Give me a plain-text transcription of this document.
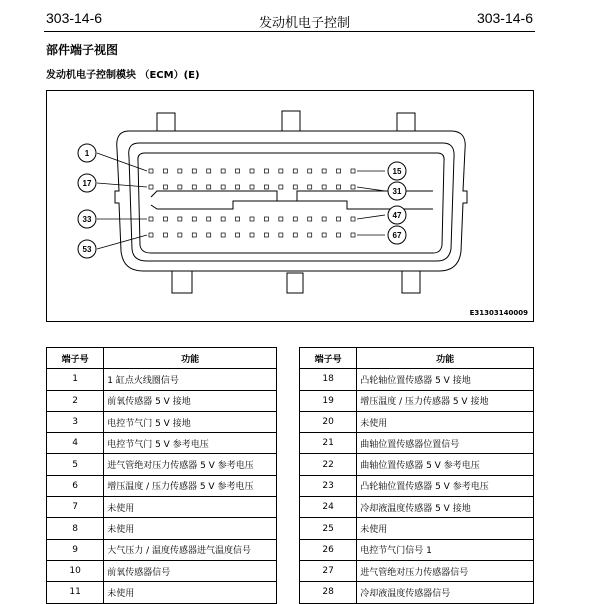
303-14-6	发动机电子控制	303-14-6
部件端子视图
发动机电子控制模块 （ECM）(E)
1
17
33
53
15
31
47
67
E31303140009
端子号	功能
1	1 缸点火线圈信号
2	前氧传感器 5 V 接地
3	电控节气门 5 V 接地
4	电控节气门 5 V 参考电压
5	进气管绝对压力传感器 5 V 参考电压
6	增压温度 / 压力传感器 5 V 参考电压
7	未使用
8	未使用
9	大气压力 / 温度传感器进气温度信号
10	前氧传感器信号
11	未使用
端子号	功能
18	凸轮轴位置传感器 5 V 接地
19	增压温度 / 压力传感器 5 V 接地
20	未使用
21	曲轴位置传感器位置信号
22	曲轴位置传感器 5 V 参考电压
23	凸轮轴位置传感器 5 V 参考电压
24	冷却液温度传感器 5 V 接地
25	未使用
26	电控节气门信号 1
27	进气管绝对压力传感器信号
28	冷却液温度传感器信号
